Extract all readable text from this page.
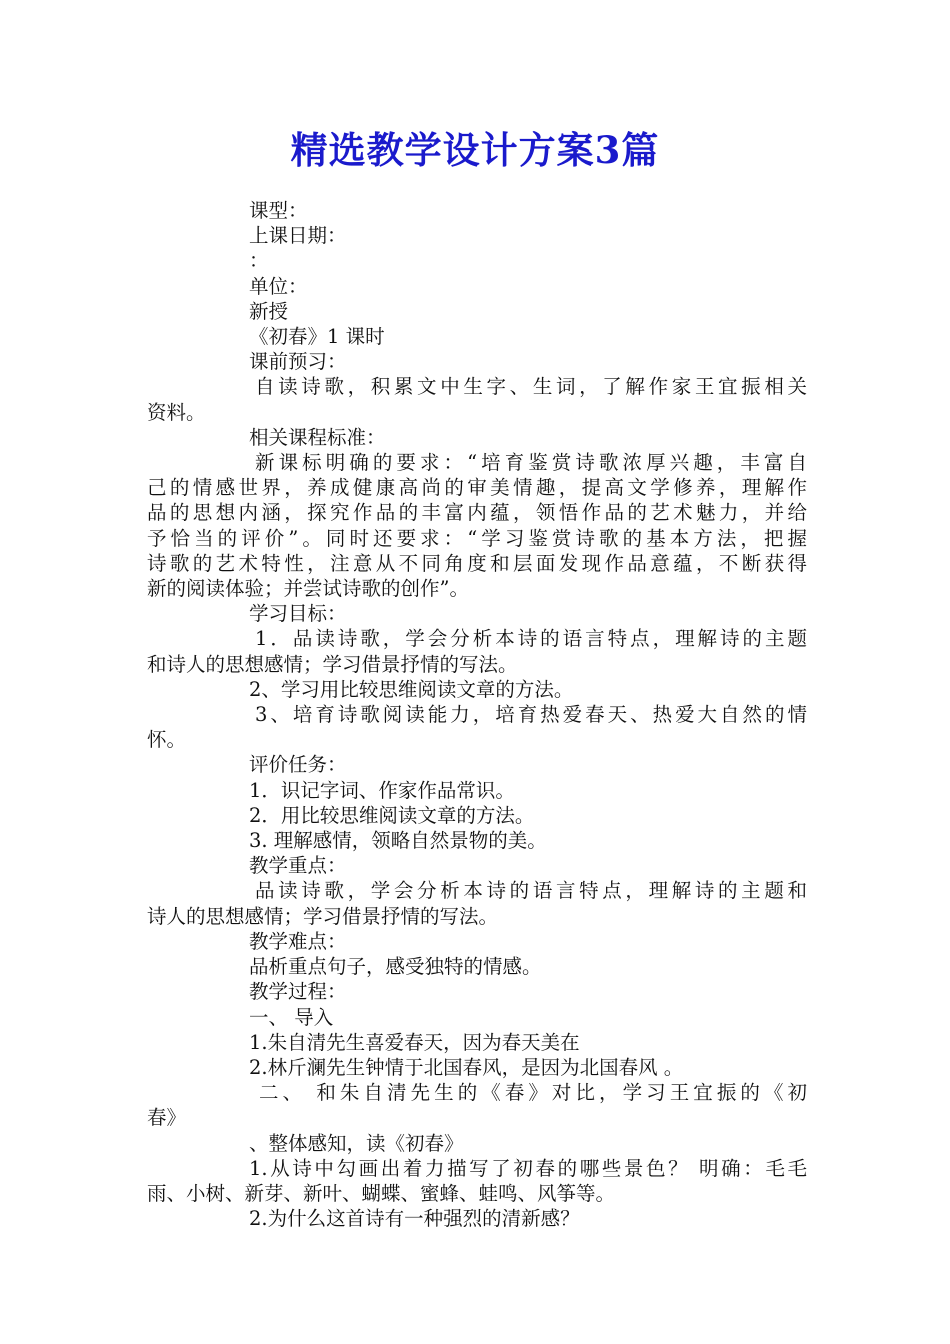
精选教学设计方案3篇

课型：

上课日期：

：

单位：

新授

《初春》1 课时

课前预习：

自读诗歌，积累文中生字、生词，了解作家王宜振相关

资料。

相关课程标准：

新课标明确的要求：“培育鉴赏诗歌浓厚兴趣，丰富自

己的情感世界，养成健康高尚的审美情趣，提高文学修养，理解作

品的思想内涵，探究作品的丰富内蕴，领悟作品的艺术魅力，并给

予恰当的评价”。同时还要求：“学习鉴赏诗歌的基本方法，把握

诗歌的艺术特性，注意从不同角度和层面发现作品意蕴，不断获得

新的阅读体验；并尝试诗歌的创作”。

学习目标：

1．品读诗歌，学会分析本诗的语言特点，理解诗的主题

和诗人的思想感情；学习借景抒情的写法。

2、学习用比较思维阅读文章的方法。

3、培育诗歌阅读能力，培育热爱春天、热爱大自然的情

怀。

评价任务：

1．识记字词、作家作品常识。

2．用比较思维阅读文章的方法。

3. 理解感情，领略自然景物的美。

教学重点：

品读诗歌，学会分析本诗的语言特点，理解诗的主题和

诗人的思想感情；学习借景抒情的写法。

教学难点：

品析重点句子，感受独特的情感。

教学过程：

一、 导入

1.朱自清先生喜爱春天，因为春天美在

2.林斤澜先生钟情于北国春风，是因为北国春风 。

二、 和朱自清先生的《春》对比，学习王宜振的《初

春》

、整体感知，读《初春》

1.从诗中勾画出着力描写了初春的哪些景色？ 明确：毛毛

雨、小树、新芽、新叶、蝴蝶、蜜蜂、蛙鸣、风筝等。

2.为什么这首诗有一种强烈的清新感？
